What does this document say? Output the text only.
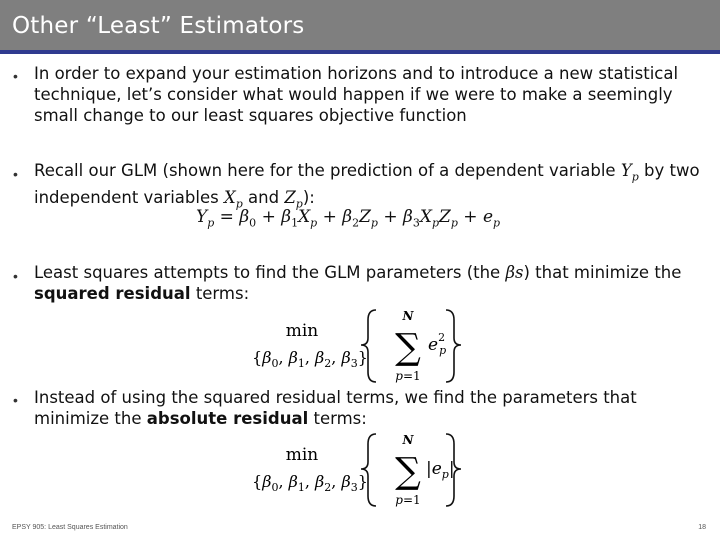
Other “Least” Estimators
• In order to expand your estimation horizons and to introduce a new statistical technique, let’s consider what would happen if we were to make a seemingly small change to our least squares objective function
• Recall our GLM (shown here for the prediction of a dependent variable $Y_p$ by two independent variables $X_p$ and $Z_p$):
$Y_p = \beta_0 + \beta_1X_p + \beta_2Z_p + \beta_3X_pZ_p + e_p$
• Least squares attempts to find the GLM parameters (the βs) that minimize the squared residual terms:
min
{$\beta_0$, $\beta_1$, $\beta_2$, $\beta_3$}
N
∑
p=1
$e^2$ p
• Instead of using the squared residual terms, we find the parameters that minimize the absolute residual terms:
min
{$\beta_0$, $\beta_1$, $\beta_2$, $\beta_3$}
N
∑
p=1
$|e_p|$
EPSY 905: Least Squares Estimation	18
